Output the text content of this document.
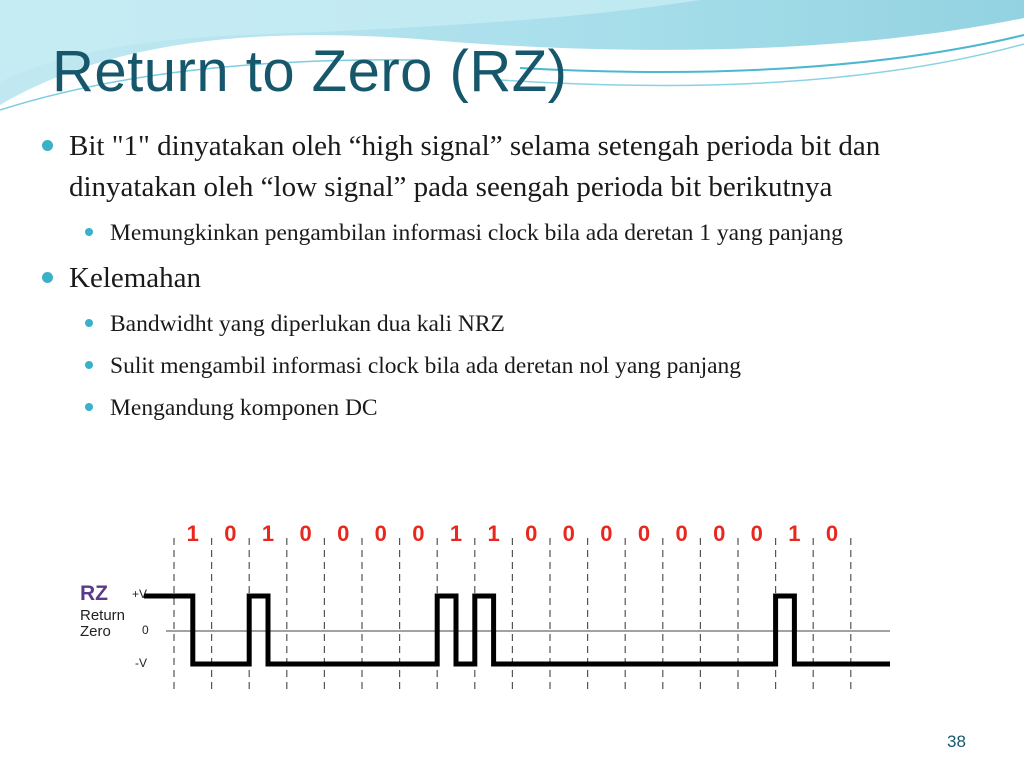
Return to Zero (RZ)
Bit "1" dinyatakan oleh “high signal” selama setengah perioda bit dan dinyatakan oleh “low signal” pada seengah perioda bit berikutnya
Memungkinkan pengambilan informasi clock bila ada deretan 1 yang panjang
Kelemahan
Bandwidht yang diperlukan dua kali NRZ
Sulit mengambil informasi clock bila ada deretan nol yang panjang
Mengandung komponen DC
RZ
Return
Zero
+V
0
-V
1 0 1 0 0 0 0 1 1 0 0 0 0 0 0 0 1 0
38
